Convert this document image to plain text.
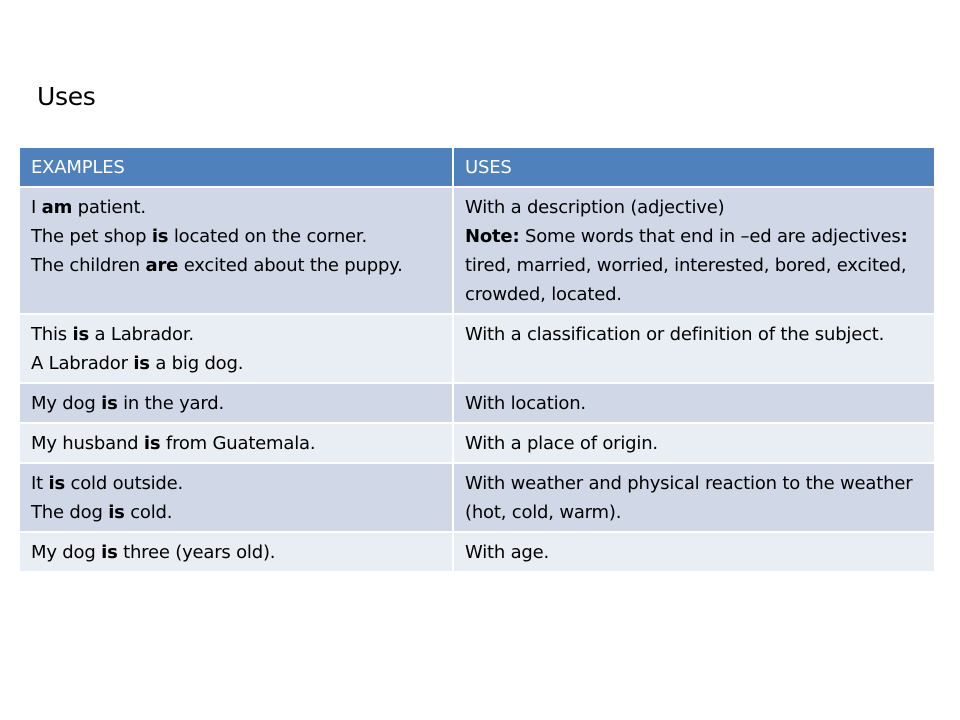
Uses
EXAMPLES	USES

I am patient.
The pet shop is located on the corner.
The children are excited about the puppy.	With a description (adjective)
Note: Some words that end in –ed are adjectives: tired, married, worried, interested, bored, excited, crowded, located.

This is a Labrador.
A Labrador is a big dog.	With a classification or definition of the subject.

My dog is in the yard.	With location.

My husband is from Guatemala.	With a place of origin.

It is cold outside.
The dog is cold.	With weather and physical reaction to the weather (hot, cold, warm).

My dog is three (years old).	With age.
